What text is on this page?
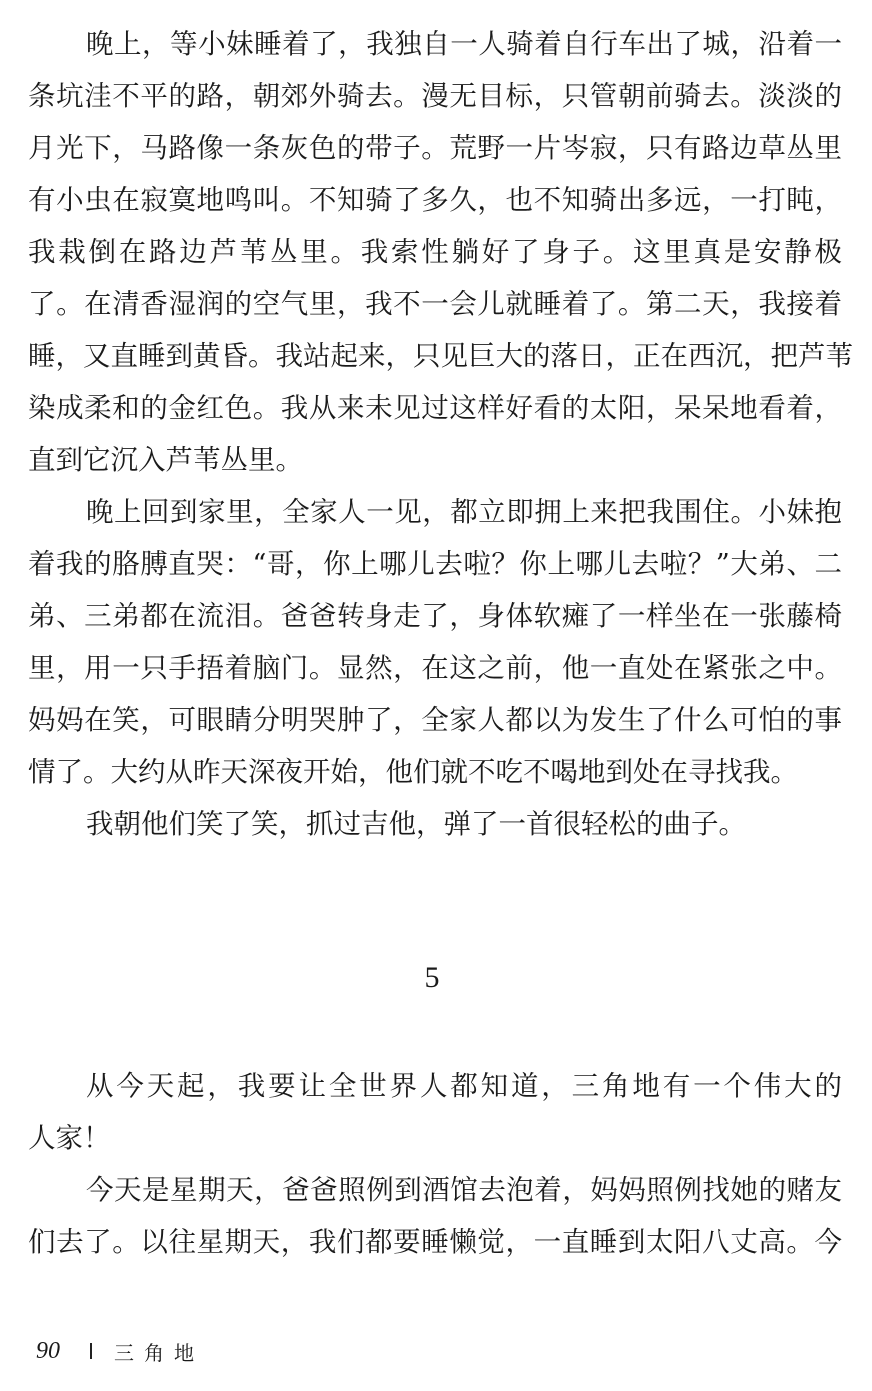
晚上，等小妹睡着了，我独自一人骑着自行车出了城，沿着一
条坑洼不平的路，朝郊外骑去。漫无目标，只管朝前骑去。淡淡的
月光下，马路像一条灰色的带子。荒野一片岑寂，只有路边草丛里
有小虫在寂寞地鸣叫。不知骑了多久，也不知骑出多远，一打盹，
我栽倒在路边芦苇丛里。我索性躺好了身子。这里真是安静极
了。在清香湿润的空气里，我不一会儿就睡着了。第二天，我接着
睡，又直睡到黄昏。我站起来，只见巨大的落日，正在西沉，把芦苇
染成柔和的金红色。我从来未见过这样好看的太阳，呆呆地看着，
直到它沉入芦苇丛里。
晚上回到家里，全家人一见，都立即拥上来把我围住。小妹抱
着我的胳膊直哭：“哥，你上哪儿去啦？你上哪儿去啦？”大弟、二
弟、三弟都在流泪。爸爸转身走了，身体软瘫了一样坐在一张藤椅
里，用一只手捂着脑门。显然，在这之前，他一直处在紧张之中。
妈妈在笑，可眼睛分明哭肿了，全家人都以为发生了什么可怕的事
情了。大约从昨天深夜开始，他们就不吃不喝地到处在寻找我。
我朝他们笑了笑，抓过吉他，弹了一首很轻松的曲子。
5
从今天起，我要让全世界人都知道，三角地有一个伟大的
人家！
今天是星期天，爸爸照例到酒馆去泡着，妈妈照例找她的赌友
们去了。以往星期天，我们都要睡懒觉，一直睡到太阳八丈高。今
90	三角地
